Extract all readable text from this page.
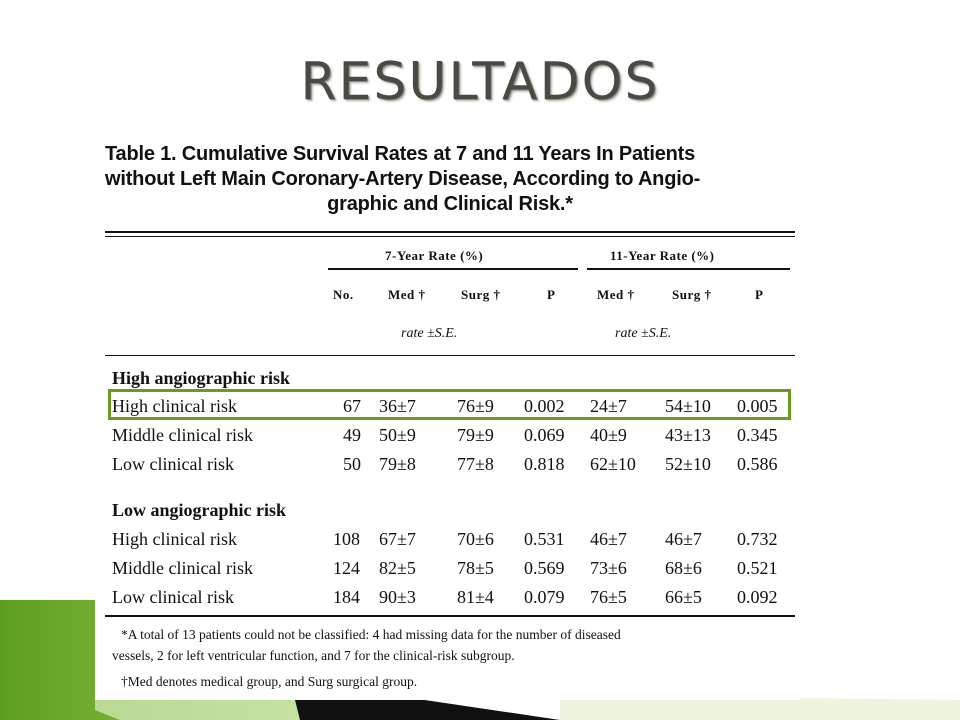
RESULTADOS
Table 1. Cumulative Survival Rates at 7 and 11 Years In Patients
without Left Main Coronary-Artery Disease, According to Angio-
graphic and Clinical Risk.*
7-Year Rate (%)	11-Year Rate (%)
No.	Med †	Surg †	P	Med †	Surg †	P
rate ±S.E.	rate ±S.E.
High angiographic risk
High clinical risk	67 36±7 76±9 0.002 24±7 54±10 0.005
Middle clinical risk	49 50±9 79±9 0.069 40±9 43±13 0.345
Low clinical risk	50 79±8 77±8 0.818 62±10 52±10 0.586
Low angiographic risk
High clinical risk	108 67±7 70±6 0.531 46±7 46±7 0.732
Middle clinical risk	124 82±5 78±5 0.569 73±6 68±6 0.521
Low clinical risk	184 90±3 81±4 0.079 76±5 66±5 0.092
*A total of 13 patients could not be classified: 4 had missing data for the number of diseased
vessels, 2 for left ventricular function, and 7 for the clinical-risk subgroup.
†Med denotes medical group, and Surg surgical group.
